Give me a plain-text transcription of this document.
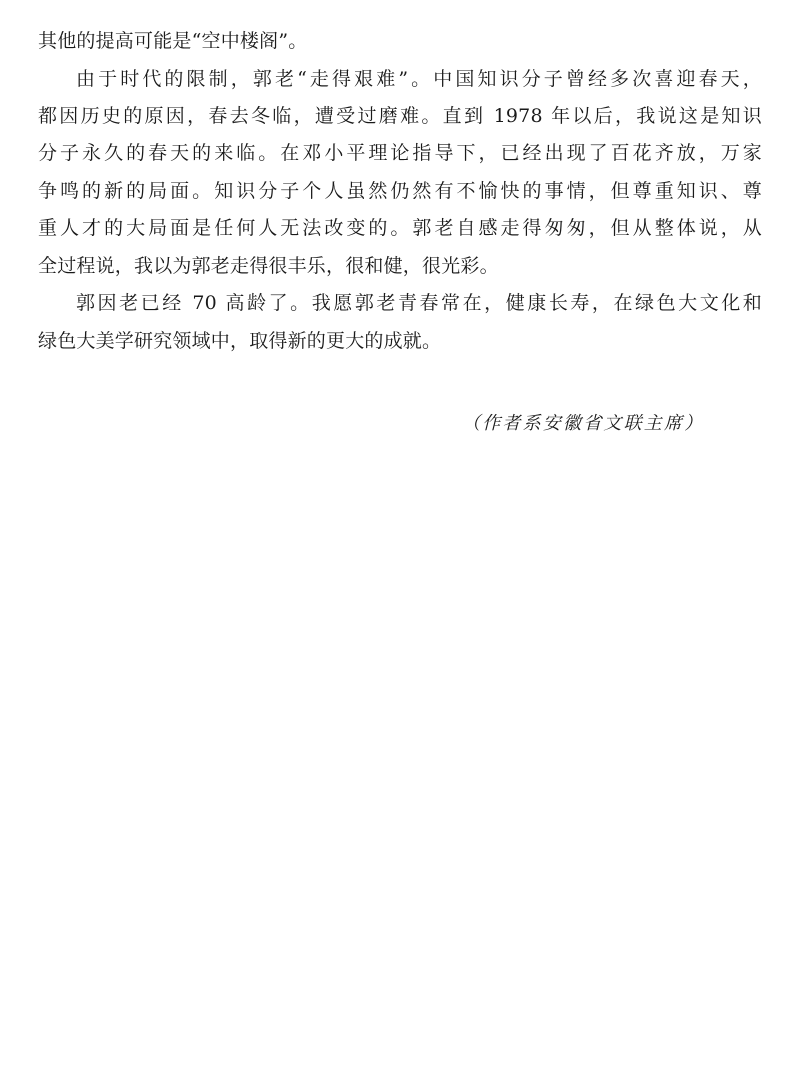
其他的提高可能是“空中楼阁”。
由于时代的限制，郭老“走得艰难”。中国知识分子曾经多次喜迎春天，
都因历史的原因，春去冬临，遭受过磨难。直到 1978 年以后，我说这是知识
分子永久的春天的来临。在邓小平理论指导下，已经出现了百花齐放，万家
争鸣的新的局面。知识分子个人虽然仍然有不愉快的事情，但尊重知识、尊
重人才的大局面是任何人无法改变的。郭老自感走得匆匆，但从整体说，从
全过程说，我以为郭老走得很丰乐，很和健，很光彩。
郭因老已经 70 高龄了。我愿郭老青春常在，健康长寿，在绿色大文化和
绿色大美学研究领域中，取得新的更大的成就。
（作者系安徽省文联主席）
